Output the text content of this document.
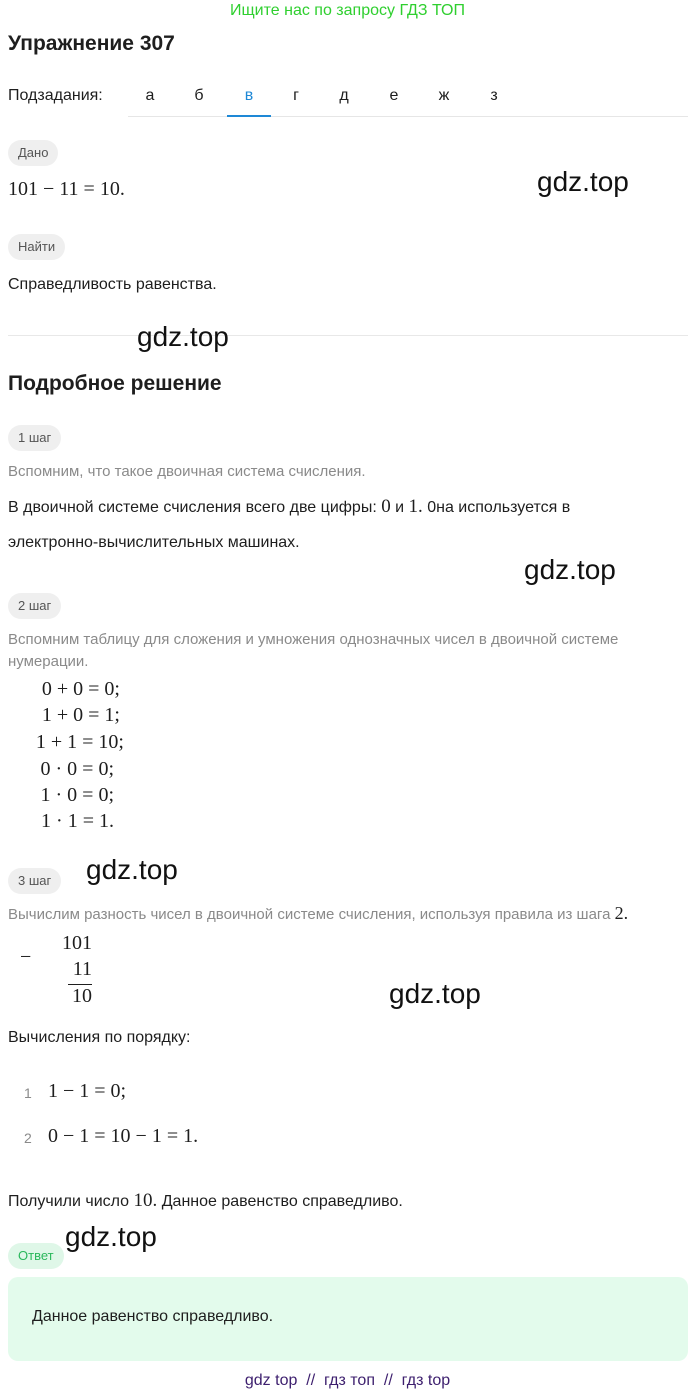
Ищите нас по запросу ГДЗ ТОП
Упражнение 307
Подзадания:	а	б	в	г	д	е	ж	з
Дано
101 − 11 = 10.
Найти
Справедливость равенства.
Подробное решение
1 шаг
Вспомним, что такое двоичная система счисления.
В двоичной системе счисления всего две цифры: 0 и 1. 0на используется в
электронно-вычислительных машинах.
2 шаг
Вспомним таблицу для сложения и умножения однозначных чисел в двоичной системе
нумерации.
0 + 0 = 0;
1 + 0 = 1;
1 + 1 = 10;
0 · 0 = 0;
1 · 0 = 0;
1 · 1 = 1.
3 шаг
Вычислим разность чисел в двоичной системе счисления, используя правила из шага 2.
−
101
11
10
Вычисления по порядку:
1 1 − 1 = 0;
2 0 − 1 = 10 − 1 = 1.
Получили число 10. Данное равенство справедливо.
Ответ
Данное равенство справедливо.
gdz.top
gdz.top
gdz.top
gdz.top
gdz.top
gdz.top
gdz top  //  гдз топ  //  гдз top
